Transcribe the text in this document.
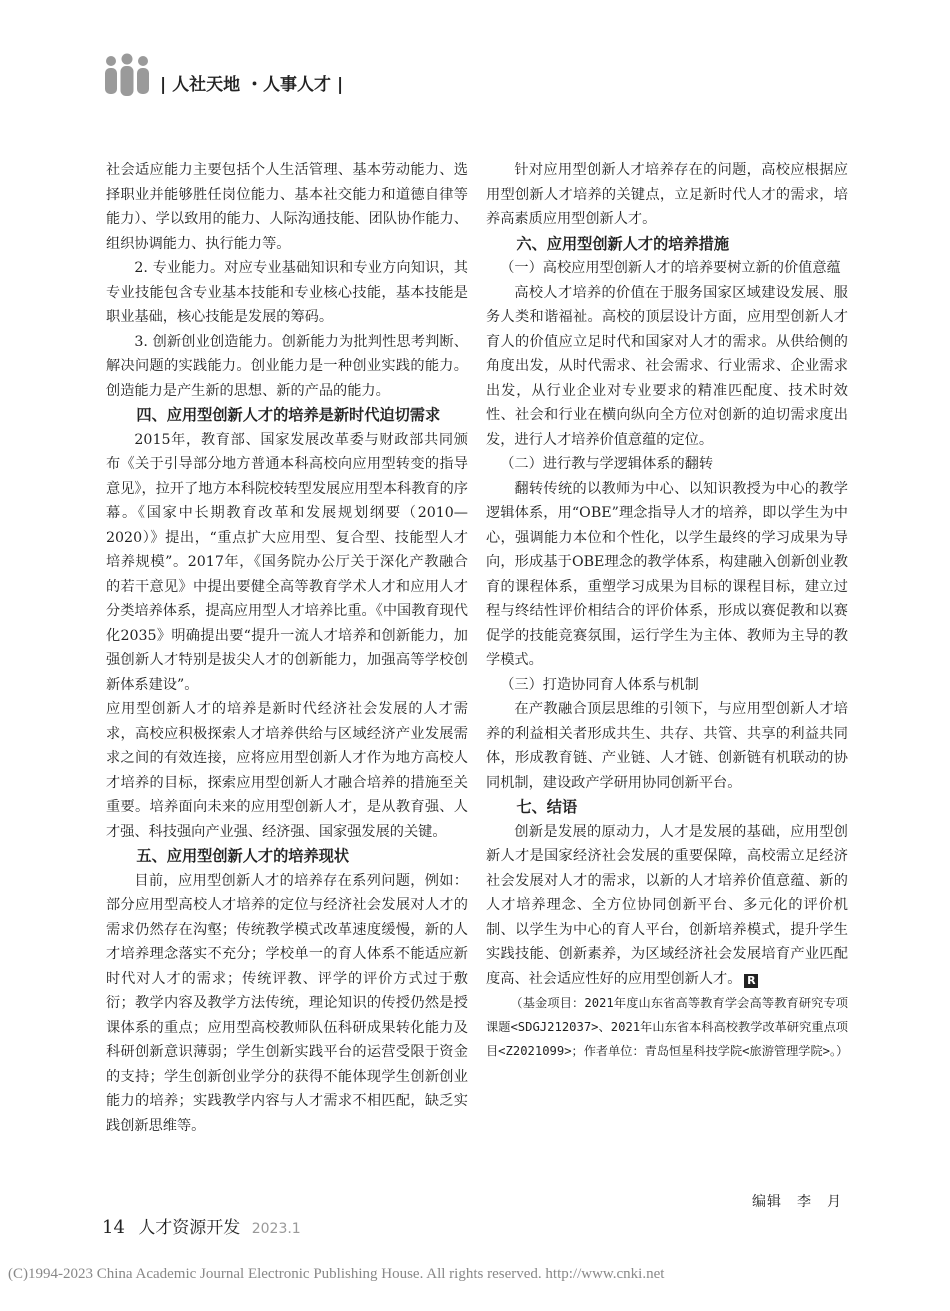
| 人社天地 ・人事人才 |

社会适应能力主要包括个人生活管理、基本劳动能力、选择职业并能够胜任岗位能力、基本社交能力和道德自律等能力）、学以致用的能力、人际沟通技能、团队协作能力、组织协调能力、执行能力等。

2. 专业能力。对应专业基础知识和专业方向知识，其专业技能包含专业基本技能和专业核心技能，基本技能是职业基础，核心技能是发展的筹码。

3. 创新创业创造能力。创新能力为批判性思考判断、解决问题的实践能力。创业能力是一种创业实践的能力。创造能力是产生新的思想、新的产品的能力。

四、应用型创新人才的培养是新时代迫切需求

2015年，教育部、国家发展改革委与财政部共同颁布《关于引导部分地方普通本科高校向应用型转变的指导意见》，拉开了地方本科院校转型发展应用型本科教育的序幕。《国家中长期教育改革和发展规划纲要（2010—2020）》提出，“重点扩大应用型、复合型、技能型人才培养规模”。2017年，《国务院办公厅关于深化产教融合的若干意见》中提出要健全高等教育学术人才和应用人才分类培养体系，提高应用型人才培养比重。《中国教育现代化2035》明确提出要“提升一流人才培养和创新能力，加强创新人才特别是拔尖人才的创新能力，加强高等学校创新体系建设”。

应用型创新人才的培养是新时代经济社会发展的人才需求，高校应积极探索人才培养供给与区域经济产业发展需求之间的有效连接，应将应用型创新人才作为地方高校人才培养的目标，探索应用型创新人才融合培养的措施至关重要。培养面向未来的应用型创新人才，是从教育强、人才强、科技强向产业强、经济强、国家强发展的关键。

五、应用型创新人才的培养现状

目前，应用型创新人才的培养存在系列问题，例如：部分应用型高校人才培养的定位与经济社会发展对人才的需求仍然存在沟壑；传统教学模式改革速度缓慢，新的人才培养理念落实不充分；学校单一的育人体系不能适应新时代对人才的需求；传统评教、评学的评价方式过于敷衍；教学内容及教学方法传统，理论知识的传授仍然是授课体系的重点；应用型高校教师队伍科研成果转化能力及科研创新意识薄弱；学生创新实践平台的运营受限于资金的支持；学生创新创业学分的获得不能体现学生创新创业能力的培养；实践教学内容与人才需求不相匹配，缺乏实践创新思维等。

针对应用型创新人才培养存在的问题，高校应根据应用型创新人才培养的关键点，立足新时代人才的需求，培养高素质应用型创新人才。

六、应用型创新人才的培养措施
（一）高校应用型创新人才的培养要树立新的价值意蕴

高校人才培养的价值在于服务国家区域建设发展、服务人类和谐福祉。高校的顶层设计方面，应用型创新人才育人的价值应立足时代和国家对人才的需求。从供给侧的角度出发，从时代需求、社会需求、行业需求、企业需求出发，从行业企业对专业要求的精准匹配度、技术时效性、社会和行业在横向纵向全方位对创新的迫切需求度出发，进行人才培养价值意蕴的定位。

（二）进行教与学逻辑体系的翻转

翻转传统的以教师为中心、以知识教授为中心的教学逻辑体系，用“OBE”理念指导人才的培养，即以学生为中心，强调能力本位和个性化，以学生最终的学习成果为导向，形成基于OBE理念的教学体系，构建融入创新创业教育的课程体系，重塑学习成果为目标的课程目标，建立过程与终结性评价相结合的评价体系，形成以赛促教和以赛促学的技能竞赛氛围，运行学生为主体、教师为主导的教学模式。

（三）打造协同育人体系与机制

在产教融合顶层思维的引领下，与应用型创新人才培养的利益相关者形成共生、共存、共管、共享的利益共同体，形成教育链、产业链、人才链、创新链有机联动的协同机制，建设政产学研用协同创新平台。

七、结语

创新是发展的原动力，人才是发展的基础，应用型创新人才是国家经济社会发展的重要保障，高校需立足经济社会发展对人才的需求，以新的人才培养价值意蕴、新的人才培养理念、全方位协同创新平台、多元化的评价机制、以学生为中心的育人平台，创新培养模式，提升学生实践技能、创新素养，为区域经济社会发展培育产业匹配度高、社会适应性好的应用型创新人才。 R

（基金项目：2021年度山东省高等教育学会高等教育研究专项课题<SDGJ212037>、2021年山东省本科高校教学改革研究重点项目<Z2021099>；作者单位：青岛恒星科技学院<旅游管理学院>。）

编辑　李　月
14 人才资源开发 2023.1
(C)1994-2023 China Academic Journal Electronic Publishing House. All rights reserved. http://www.cnki.net
